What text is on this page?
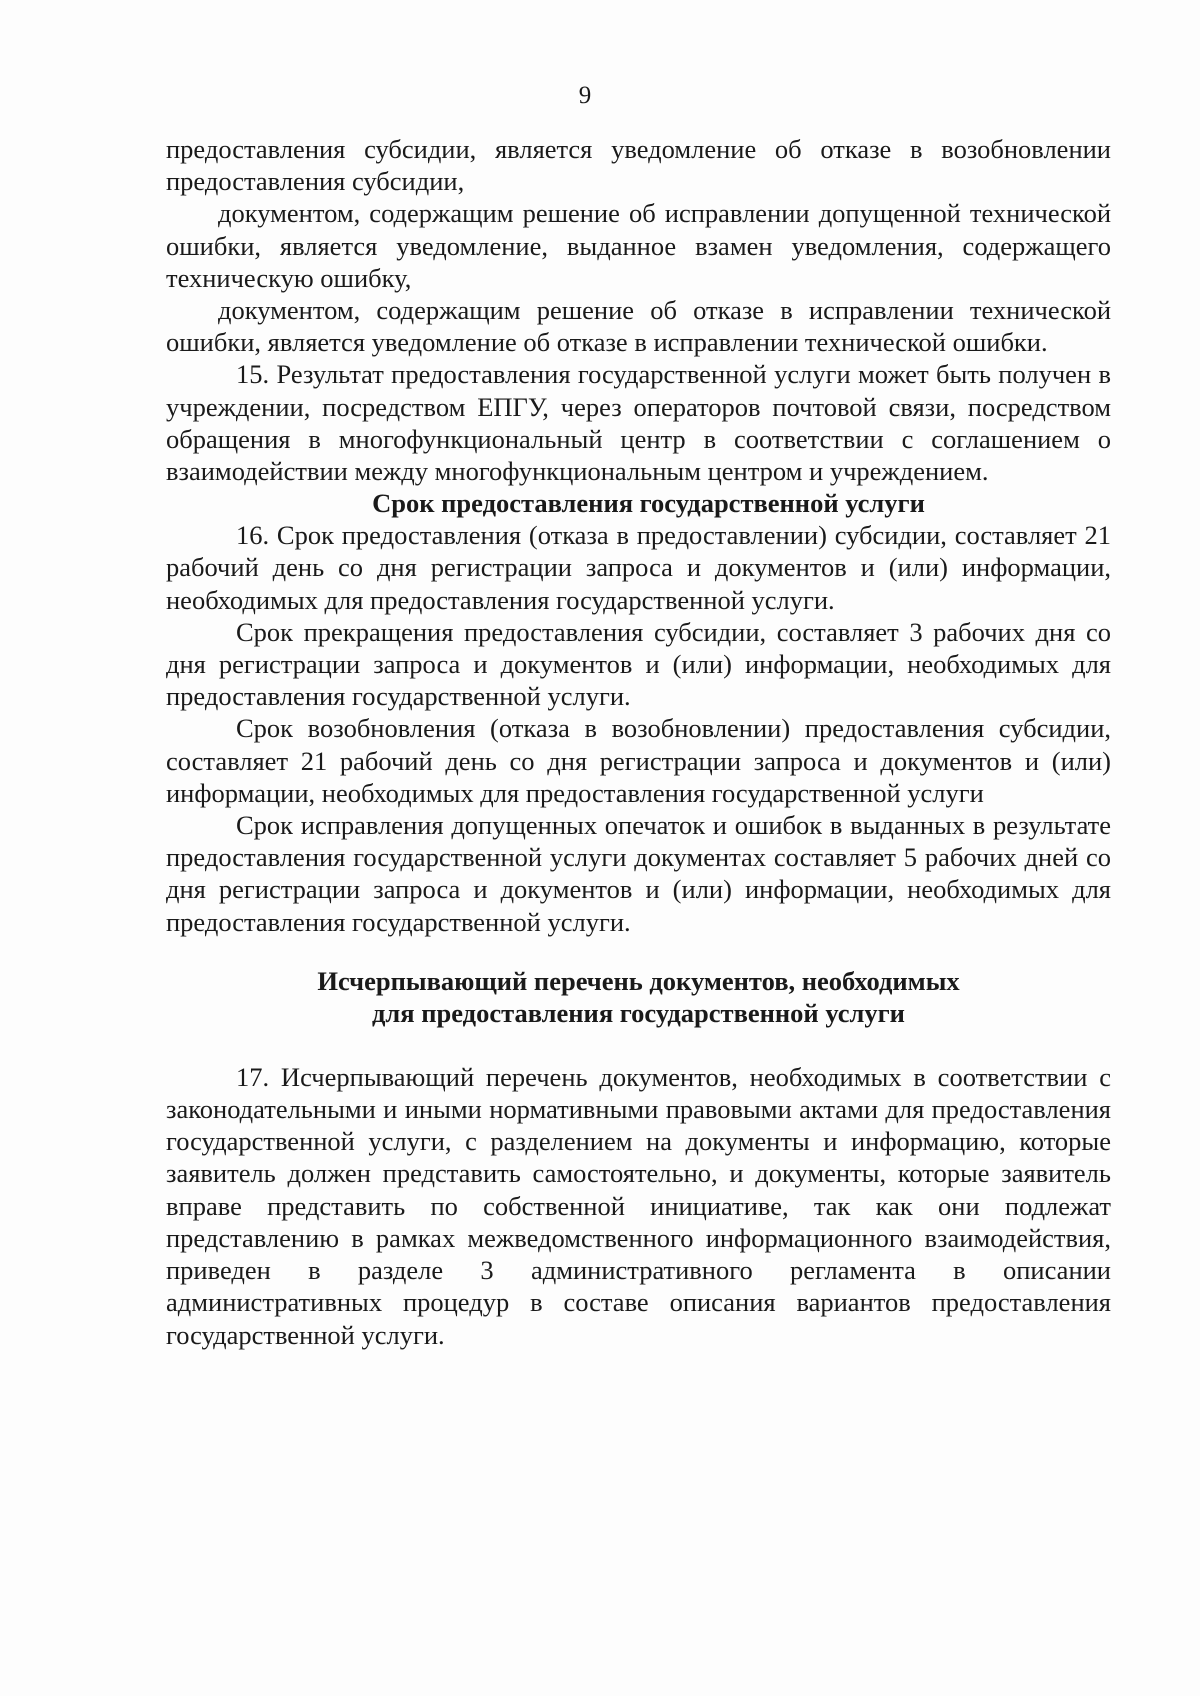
9

предоставления субсидии, является уведомление об отказе в возобновлении предоставления субсидии,

документом, содержащим решение об исправлении допущенной технической ошибки, является уведомление, выданное взамен уведомления, содержащего техническую ошибку,

документом, содержащим решение об отказе в исправлении технической ошибки, является уведомление об отказе в исправлении технической ошибки.

15. Результат предоставления государственной услуги может быть получен в учреждении, посредством ЕПГУ, через операторов почтовой связи, посредством обращения в многофункциональный центр в соответствии с соглашением о взаимодействии между многофункциональным центром и учреждением.

Срок предоставления государственной услуги

16. Срок предоставления (отказа в предоставлении) субсидии, составляет 21 рабочий день со дня регистрации запроса и документов и (или) информации, необходимых для предоставления государственной услуги.

Срок прекращения предоставления субсидии, составляет 3 рабочих дня со дня регистрации запроса и документов и (или) информации, необходимых для предоставления государственной услуги.

Срок возобновления (отказа в возобновлении) предоставления субсидии, составляет 21 рабочий день со дня регистрации запроса и документов и (или) информации, необходимых для предоставления государственной услуги

Срок исправления допущенных опечаток и ошибок в выданных в результате предоставления государственной услуги документах составляет 5 рабочих дней со дня регистрации запроса и документов и (или) информации, необходимых для предоставления государственной услуги.

Исчерпывающий перечень документов, необходимых
для предоставления государственной услуги

17. Исчерпывающий перечень документов, необходимых в соответствии с законодательными и иными нормативными правовыми актами для предоставления государственной услуги, с разделением на документы и информацию, которые заявитель должен представить самостоятельно, и документы, которые заявитель вправе представить по собственной инициативе, так как они подлежат представлению в рамках межведомственного информационного взаимодействия, приведен в разделе 3 административного регламента в описании административных процедур в составе описания вариантов предоставления государственной услуги.
